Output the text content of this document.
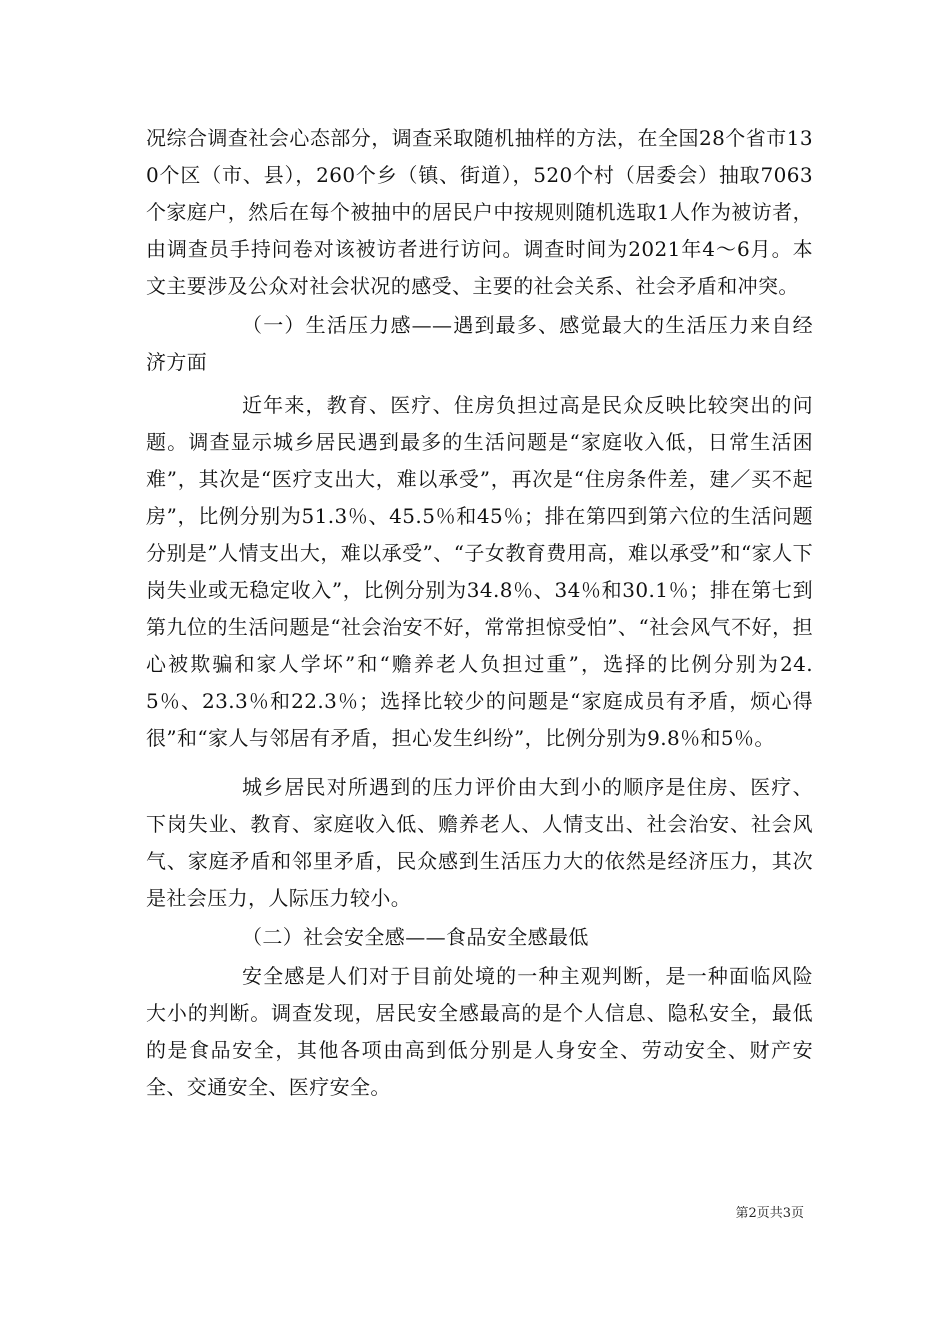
况综合调查社会心态部分，调查采取随机抽样的方法，在全国28个省市130个区（市、县），260个乡（镇、街道），520个村（居委会）抽取7063个家庭户，然后在每个被抽中的居民户中按规则随机选取1人作为被访者，由调查员手持问卷对该被访者进行访问。调查时间为2021年4～6月。本文主要涉及公众对社会状况的感受、主要的社会关系、社会矛盾和冲突。

（一）生活压力感——遇到最多、感觉最大的生活压力来自经济方面

近年来，教育、医疗、住房负担过高是民众反映比较突出的问题。调查显示城乡居民遇到最多的生活问题是“家庭收入低，日常生活困难”，其次是“医疗支出大，难以承受”，再次是“住房条件差，建／买不起房”，比例分别为51.3％、45.5％和45％；排在第四到第六位的生活问题分别是”人情支出大，难以承受”、“子女教育费用高，难以承受”和“家人下岗失业或无稳定收入”，比例分别为34.8％、34％和30.1％；排在第七到第九位的生活问题是“社会治安不好，常常担惊受怕”、“社会风气不好，担心被欺骗和家人学坏”和“赡养老人负担过重”，选择的比例分别为24.5％、23.3％和22.3％；选择比较少的问题是“家庭成员有矛盾，烦心得很”和“家人与邻居有矛盾，担心发生纠纷”，比例分别为9.8％和5％。

城乡居民对所遇到的压力评价由大到小的顺序是住房、医疗、下岗失业、教育、家庭收入低、赡养老人、人情支出、社会治安、社会风气、家庭矛盾和邻里矛盾，民众感到生活压力大的依然是经济压力，其次是社会压力，人际压力较小。

（二）社会安全感——食品安全感最低

安全感是人们对于目前处境的一种主观判断，是一种面临风险大小的判断。调查发现，居民安全感最高的是个人信息、隐私安全，最低的是食品安全，其他各项由高到低分别是人身安全、劳动安全、财产安全、交通安全、医疗安全。

第2页共3页
